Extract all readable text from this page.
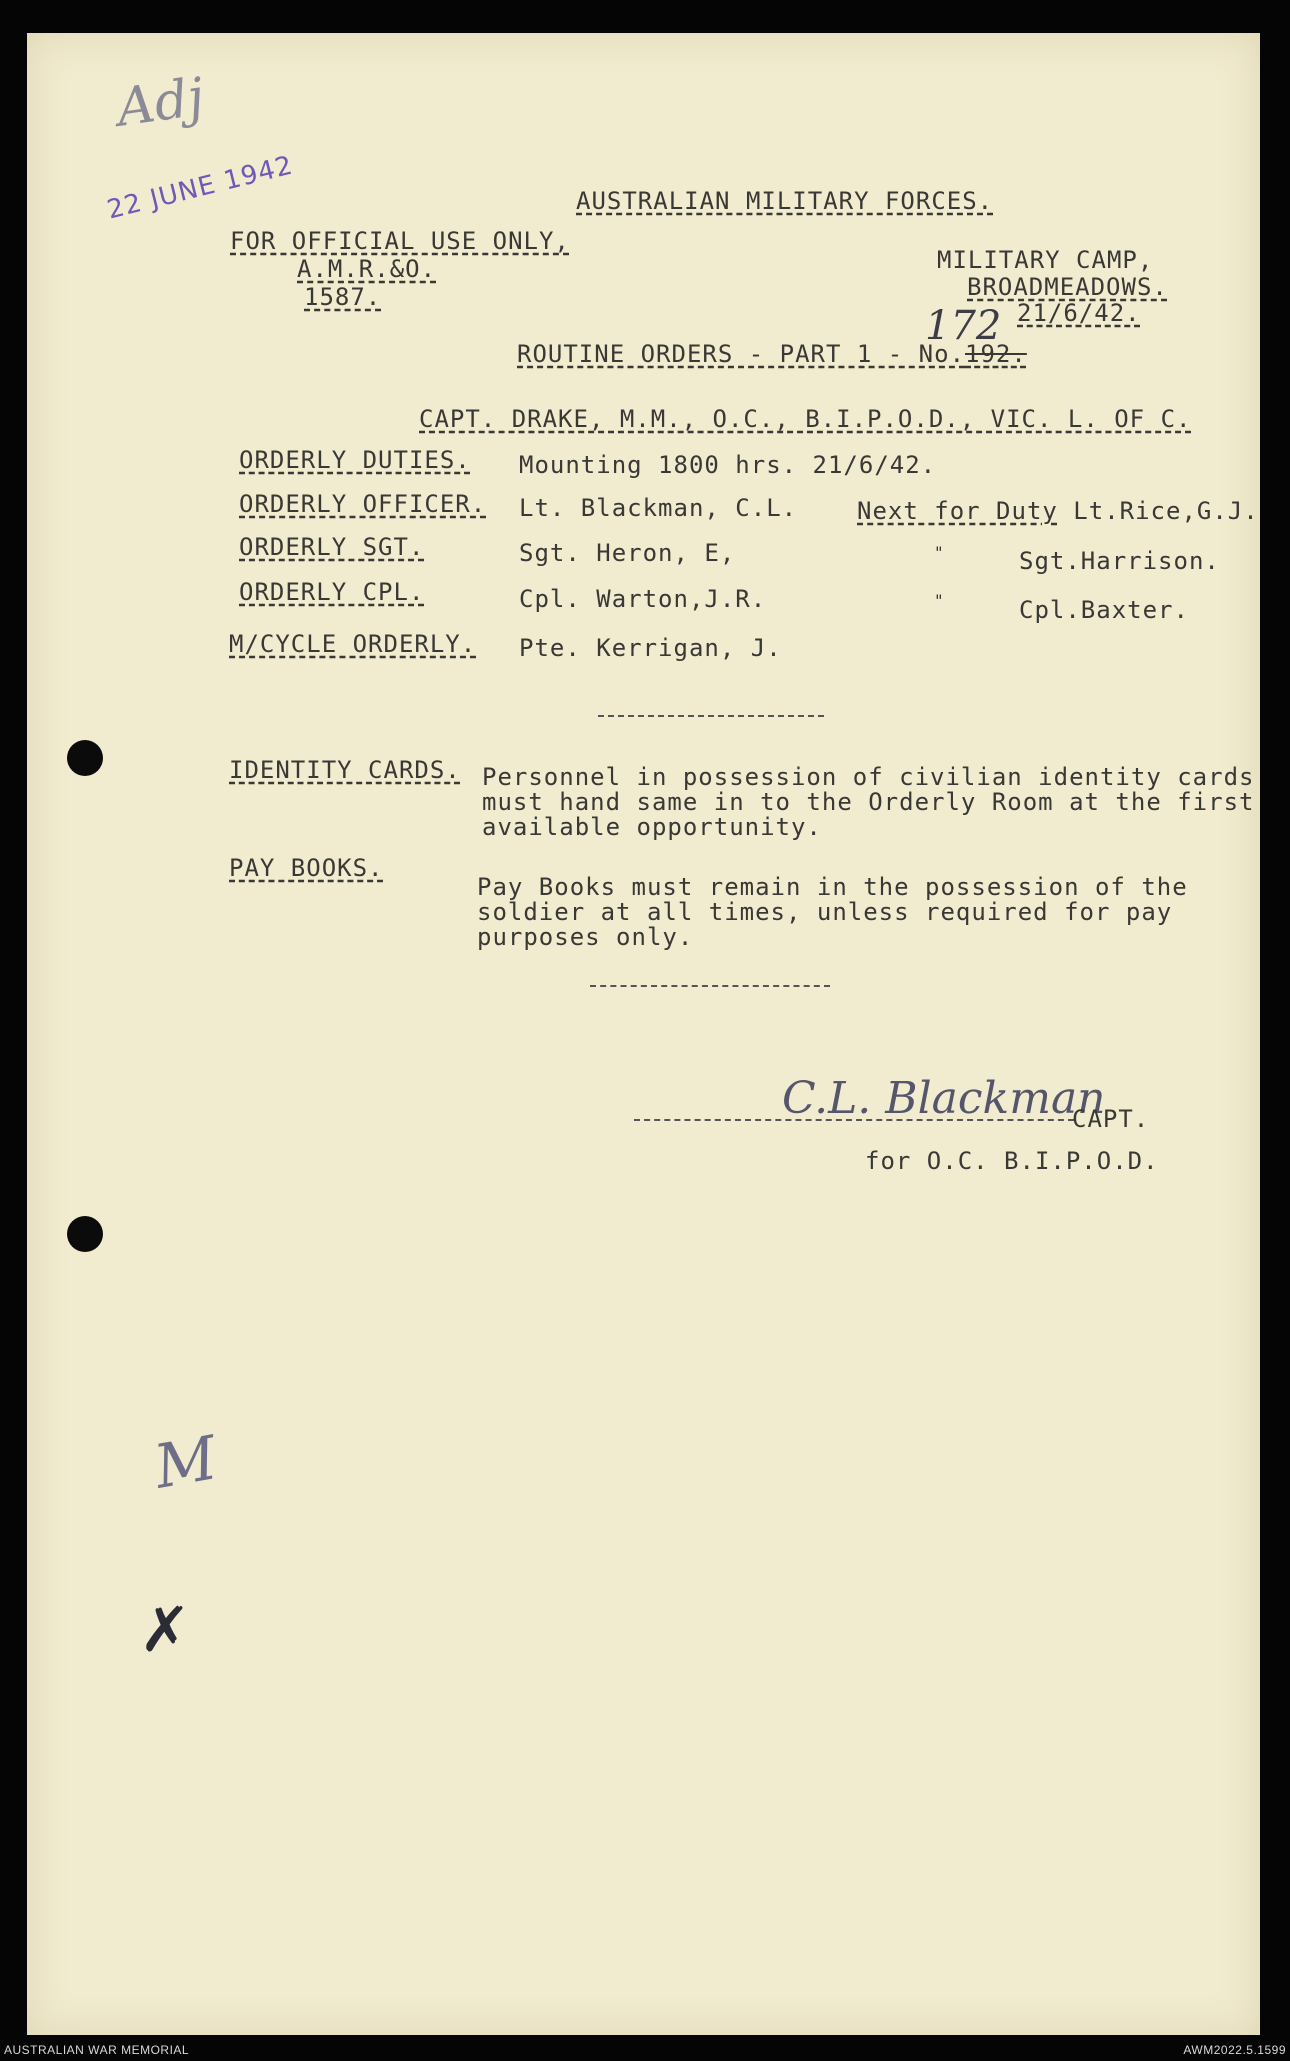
Adj
22 JUNE 1942	AUSTRALIAN MILITARY FORCES.
FOR OFFICIAL USE ONLY,
A.M.R.&O.
1587.
MILITARY CAMP,
BROADMEADOWS.
21/6/42.
ROUTINE ORDERS - PART 1 - No.192.
172
CAPT. DRAKE, M.M., O.C., B.I.P.O.D., VIC. L. OF C.
ORDERLY DUTIES. Mounting 1800 hrs. 21/6/42.
ORDERLY OFFICER. Lt. Blackman, C.L. Next for Duty Lt.Rice,G.J.
ORDERLY SGT.	Sgt. Heron, E,	"	Sgt.Harrison.
ORDERLY CPL.	Cpl. Warton,J.R.	"	Cpl.Baxter.
M/CYCLE ORDERLY. Pte. Kerrigan, J.
IDENTITY CARDS. Personnel in possession of civilian identity cards
must hand same in to the Orderly Room at the first
available opportunity.
PAY BOOKS.
Pay Books must remain in the possession of the
soldier at all times, unless required for pay
purposes only.
C.L. Blackman
CAPT.
for O.C. B.I.P.O.D.
M
✗
AUSTRALIAN WAR MEMORIAL	AWM2022.5.1599
